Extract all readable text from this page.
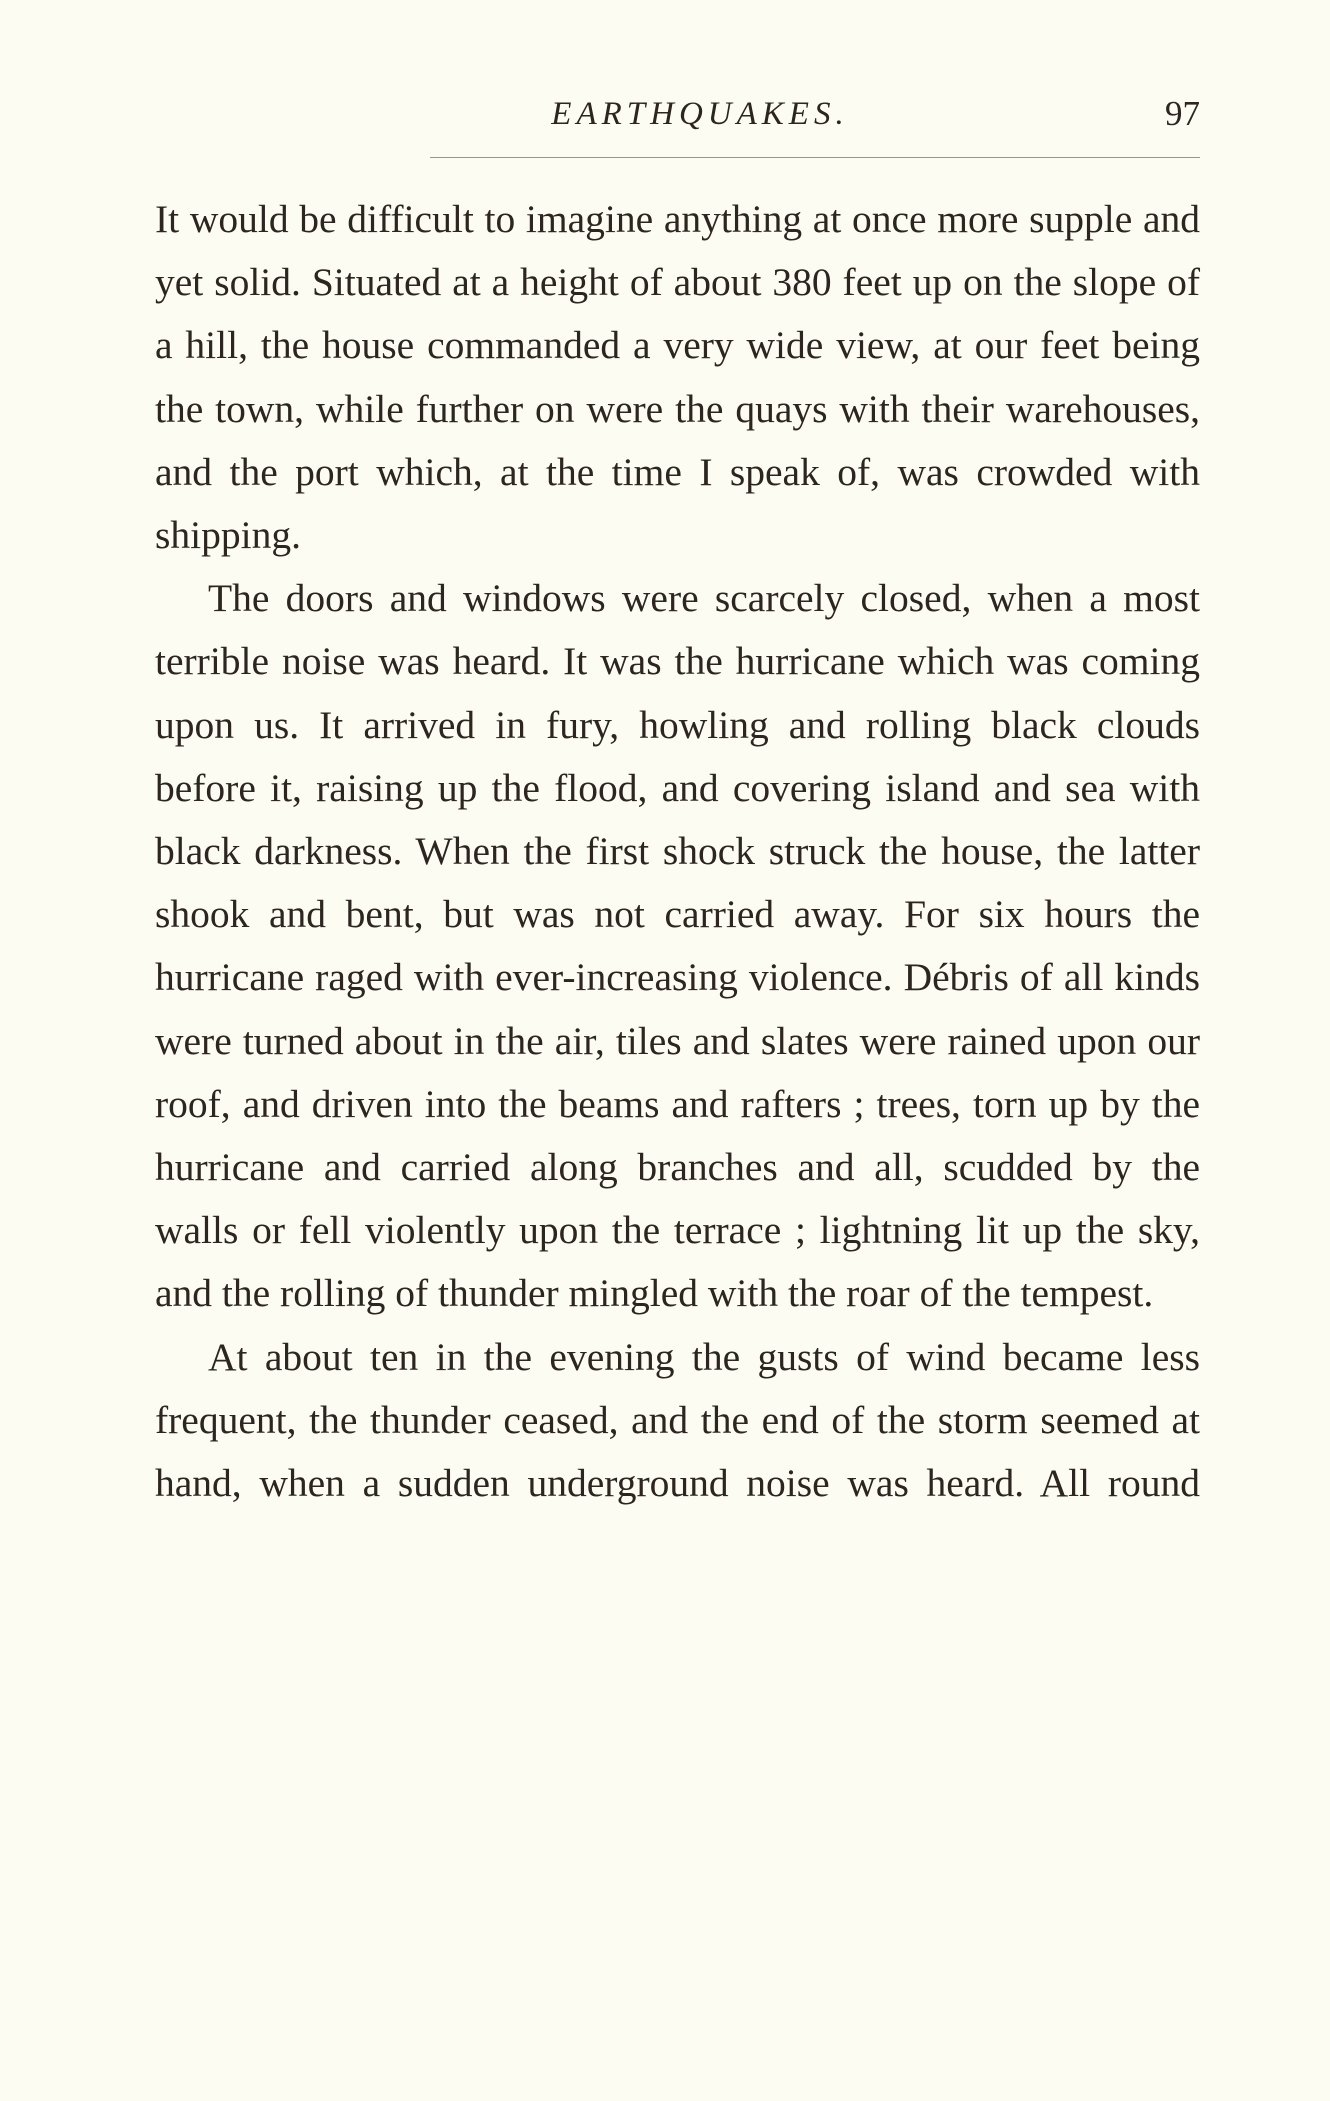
EARTHQUAKES.	97

It would be difficult to imagine anything at once more supple and yet solid. Situated at a height of about 380 feet up on the slope of a hill, the house commanded a very wide view, at our feet being the town, while further on were the quays with their warehouses, and the port which, at the time I speak of, was crowded with shipping.

The doors and windows were scarcely closed, when a most terrible noise was heard. It was the hurricane which was coming upon us. It arrived in fury, howling and rolling black clouds before it, raising up the flood, and covering island and sea with black darkness. When the first shock struck the house, the latter shook and bent, but was not carried away. For six hours the hurricane raged with ever-increasing violence. Débris of all kinds were turned about in the air, tiles and slates were rained upon our roof, and driven into the beams and rafters ; trees, torn up by the hurricane and carried along branches and all, scudded by the walls or fell violently upon the terrace ; lightning lit up the sky, and the rolling of thunder mingled with the roar of the tempest.

At about ten in the evening the gusts of wind became less frequent, the thunder ceased, and the end of the storm seemed at hand, when a sudden underground noise was heard. All round
